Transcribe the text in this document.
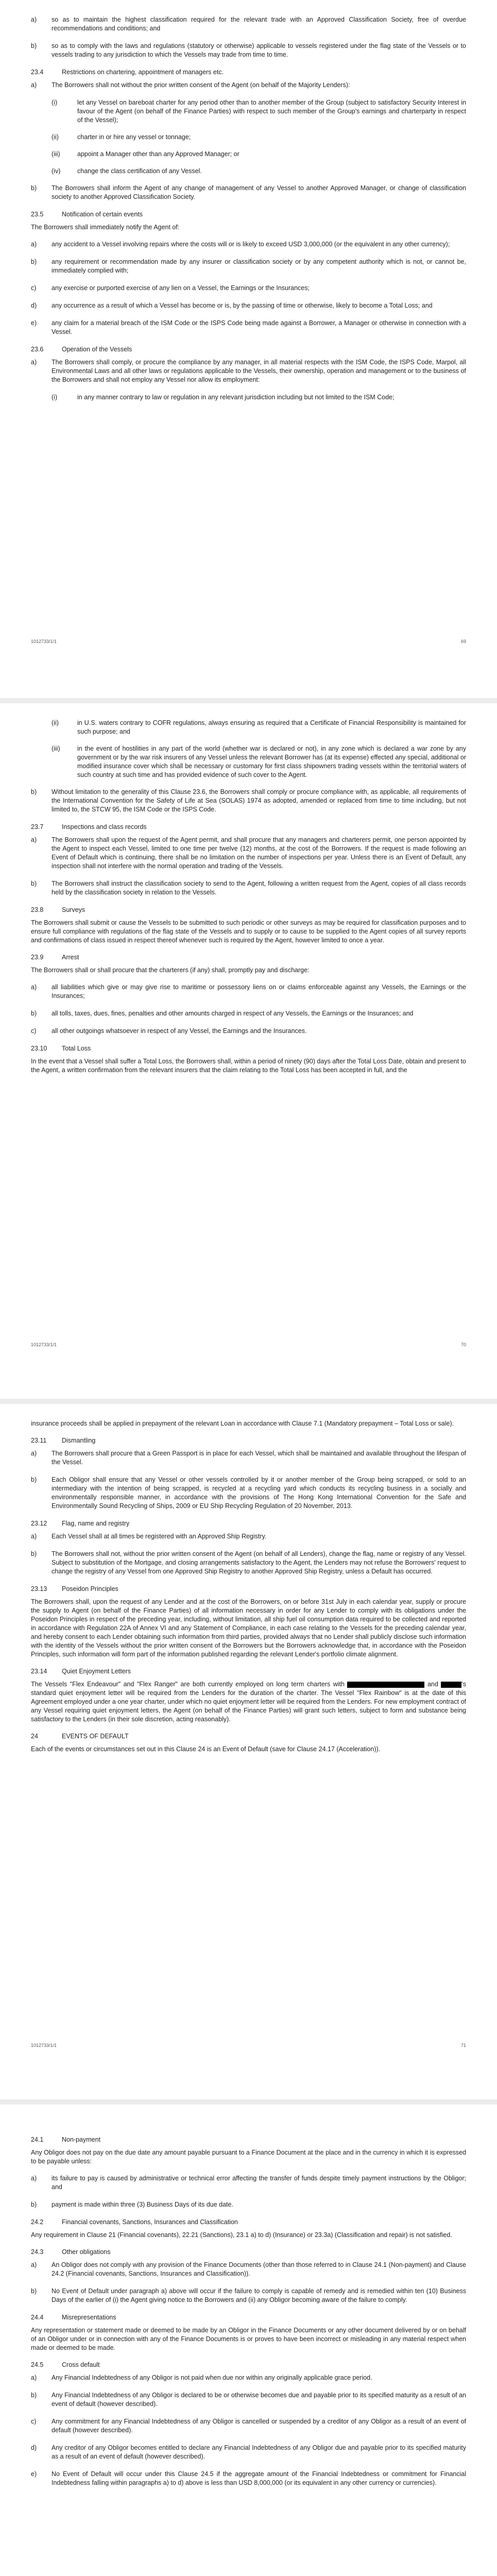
a)	so as to maintain the highest classification required for the relevant trade with an Approved Classification Society, free of overdue recommendations and conditions; and
b)	so as to comply with the laws and regulations (statutory or otherwise) applicable to vessels registered under the flag state of the Vessels or to vessels trading to any jurisdiction to which the Vessels may trade from time to time.
23.4	Restrictions on chartering, appointment of managers etc.
a)	The Borrowers shall not without the prior written consent of the Agent (on behalf of the Majority Lenders):
(i)	let any Vessel on bareboat charter for any period other than to another member of the Group (subject to satisfactory Security Interest in favour of the Agent (on behalf of the Finance Parties) with respect to such member of the Group's earnings and charterparty in respect of the Vessel);
(ii)	charter in or hire any vessel or tonnage;
(iii)	appoint a Manager other than any Approved Manager; or
(iv)	change the class certification of any Vessel.
b)	The Borrowers shall inform the Agent of any change of management of any Vessel to another Approved Manager, or change of classification society to another Approved Classification Society.
23.5	Notification of certain events
The Borrowers shall immediately notify the Agent of:
a)	any accident to a Vessel involving repairs where the costs will or is likely to exceed USD 3,000,000 (or the equivalent in any other currency);
b)	any requirement or recommendation made by any insurer or classification society or by any competent authority which is not, or cannot be, immediately complied with;
c)	any exercise or purported exercise of any lien on a Vessel, the Earnings or the Insurances;
d)	any occurrence as a result of which a Vessel has become or is, by the passing of time or otherwise, likely to become a Total Loss; and
e)	any claim for a material breach of the ISM Code or the ISPS Code being made against a Borrower, a Manager or otherwise in connection with a Vessel.
23.6	Operation of the Vessels
a)	The Borrowers shall comply, or procure the compliance by any manager, in all material respects with the ISM Code, the ISPS Code, Marpol, all Environmental Laws and all other laws or regulations applicable to the Vessels, their ownership, operation and management or to the business of the Borrowers and shall not employ any Vessel nor allow its employment:
(i)	in any manner contrary to law or regulation in any relevant jurisdiction including but not limited to the ISM Code;
1012733/1/1	69
(ii)	in U.S. waters contrary to COFR regulations, always ensuring as required that a Certificate of Financial Responsibility is maintained for such purpose; and
(iii)	in the event of hostilities in any part of the world (whether war is declared or not), in any zone which is declared a war zone by any government or by the war risk insurers of any Vessel unless the relevant Borrower has (at its expense) effected any special, additional or modified insurance cover which shall be necessary or customary for first class shipowners trading vessels within the territorial waters of such country at such time and has provided evidence of such cover to the Agent.
b)	Without limitation to the generality of this Clause 23.6, the Borrowers shall comply or procure compliance with, as applicable, all requirements of the International Convention for the Safety of Life at Sea (SOLAS) 1974 as adopted, amended or replaced from time to time including, but not limited to, the STCW 95, the ISM Code or the ISPS Code.
23.7	Inspections and class records
a)	The Borrowers shall upon the request of the Agent permit, and shall procure that any managers and charterers permit, one person appointed by the Agent to inspect each Vessel, limited to one time per twelve (12) months, at the cost of the Borrowers. If the request is made following an Event of Default which is continuing, there shall be no limitation on the number of inspections per year. Unless there is an Event of Default, any inspection shall not interfere with the normal operation and trading of the Vessels.
b)	The Borrowers shall instruct the classification society to send to the Agent, following a written request from the Agent, copies of all class records held by the classification society in relation to the Vessels.
23.8	Surveys
The Borrowers shall submit or cause the Vessels to be submitted to such periodic or other surveys as may be required for classification purposes and to ensure full compliance with regulations of the flag state of the Vessels and to supply or to cause to be supplied to the Agent copies of all survey reports and confirmations of class issued in respect thereof whenever such is required by the Agent, however limited to once a year.
23.9	Arrest
The Borrowers shall or shall procure that the charterers (if any) shall, promptly pay and discharge:
a)	all liabilities which give or may give rise to maritime or possessory liens on or claims enforceable against any Vessels, the Earnings or the Insurances;
b)	all tolls, taxes, dues, fines, penalties and other amounts charged in respect of any Vessels, the Earnings or the Insurances; and
c)	all other outgoings whatsoever in respect of any Vessel, the Earnings and the Insurances.
23.10	Total Loss
In the event that a Vessel shall suffer a Total Loss, the Borrowers shall, within a period of ninety (90) days after the Total Loss Date, obtain and present to the Agent, a written confirmation from the relevant insurers that the claim relating to the Total Loss has been accepted in full, and the
1012733/1/1	70
insurance proceeds shall be applied in prepayment of the relevant Loan in accordance with Clause 7.1 (Mandatory prepayment – Total Loss or sale).
23.11	Dismantling
a)	The Borrowers shall procure that a Green Passport is in place for each Vessel, which shall be maintained and available throughout the lifespan of the Vessel.
b)	Each Obligor shall ensure that any Vessel or other vessels controlled by it or another member of the Group being scrapped, or sold to an intermediary with the intention of being scrapped, is recycled at a recycling yard which conducts its recycling business in a socially and environmentally responsible manner, in accordance with the provisions of The Hong Kong International Convention for the Safe and Environmentally Sound Recycling of Ships, 2009 or EU Ship Recycling Regulation of 20 November, 2013.
23.12	Flag, name and registry
a)	Each Vessel shall at all times be registered with an Approved Ship Registry.
b)	The Borrowers shall not, without the prior written consent of the Agent (on behalf of all Lenders), change the flag, name or registry of any Vessel. Subject to substitution of the Mortgage, and closing arrangements satisfactory to the Agent, the Lenders may not refuse the Borrowers' request to change the registry of any Vessel from one Approved Ship Registry to another Approved Ship Registry, unless a Default has occurred.
23.13	Poseidon Principles
The Borrowers shall, upon the request of any Lender and at the cost of the Borrowers, on or before 31st July in each calendar year, supply or procure the supply to Agent (on behalf of the Finance Parties) of all information necessary in order for any Lender to comply with its obligations under the Poseidon Principles in respect of the preceding year, including, without limitation, all ship fuel oil consumption data required to be collected and reported in accordance with Regulation 22A of Annex VI and any Statement of Compliance, in each case relating to the Vessels for the preceding calendar year, and hereby consent to each Lender obtaining such information from third parties, provided always that no Lender shall publicly disclose such information with the identity of the Vessels without the prior written consent of the Borrowers but the Borrowers acknowledge that, in accordance with the Poseidon Principles, such information will form part of the information published regarding the relevant Lender's portfolio climate alignment.
23.14	Quiet Enjoyment Letters
The Vessels "Flex Endeavour" and "Flex Ranger" are both currently employed on long term charters with	and	's standard quiet enjoyment letter will be required from the Lenders for the duration of the charter. The Vessel "Flex Rainbow" is at the date of this Agreement employed under a one year charter, under which no quiet enjoyment letter will be required from the Lenders. For new employment contract of any Vessel requiring quiet enjoyment letters, the Agent (on behalf of the Finance Parties) will grant such letters, subject to form and substance being satisfactory to the Lenders (in their sole discretion, acting reasonably).
24	EVENTS OF DEFAULT
Each of the events or circumstances set out in this Clause 24 is an Event of Default (save for Clause 24.17 (Acceleration)).
1012733/1/1	71
24.1	Non-payment
Any Obligor does not pay on the due date any amount payable pursuant to a Finance Document at the place and in the currency in which it is expressed to be payable unless:
a)	its failure to pay is caused by administrative or technical error affecting the transfer of funds despite timely payment instructions by the Obligor; and
b)	payment is made within three (3) Business Days of its due date.
24.2	Financial covenants, Sanctions, Insurances and Classification
Any requirement in Clause 21 (Financial covenants), 22.21 (Sanctions), 23.1 a) to d) (Insurance) or 23.3a) (Classification and repair) is not satisfied.
24.3	Other obligations
a)	An Obligor does not comply with any provision of the Finance Documents (other than those referred to in Clause 24.1 (Non-payment) and Clause 24.2 (Financial covenants, Sanctions, Insurances and Classification)).
b)	No Event of Default under paragraph a) above will occur if the failure to comply is capable of remedy and is remedied within ten (10) Business Days of the earlier of (i) the Agent giving notice to the Borrowers and (ii) any Obligor becoming aware of the failure to comply.
24.4	Misrepresentations
Any representation or statement made or deemed to be made by an Obligor in the Finance Documents or any other document delivered by or on behalf of an Obligor under or in connection with any of the Finance Documents is or proves to have been incorrect or misleading in any material respect when made or deemed to be made.
24.5	Cross default
a)	Any Financial Indebtedness of any Obligor is not paid when due nor within any originally applicable grace period.
b)	Any Financial Indebtedness of any Obligor is declared to be or otherwise becomes due and payable prior to its specified maturity as a result of an event of default (however described).
c)	Any commitment for any Financial Indebtedness of any Obligor is cancelled or suspended by a creditor of any Obligor as a result of an event of default (however described).
d)	Any creditor of any Obligor becomes entitled to declare any Financial Indebtedness of any Obligor due and payable prior to its specified maturity as a result of an event of default (however described).
e)	No Event of Default will occur under this Clause 24.5 if the aggregate amount of the Financial Indebtedness or commitment for Financial Indebtedness falling within paragraphs a) to d) above is less than USD 8,000,000 (or its equivalent in any other currency or currencies).
